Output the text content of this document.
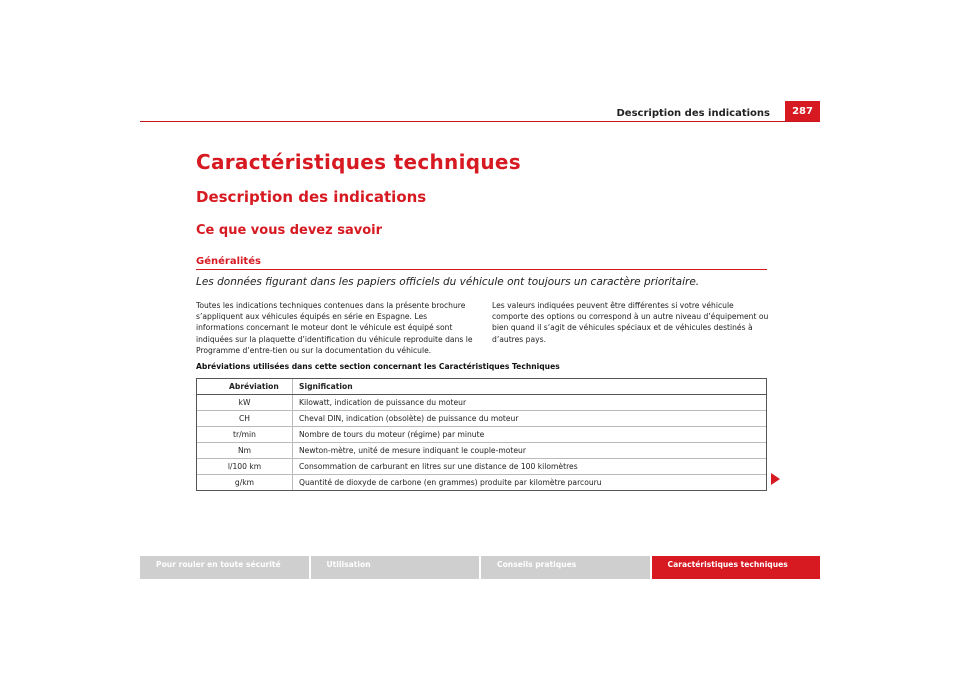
Description des indications	287
Caractéristiques techniques
Description des indications
Ce que vous devez savoir
Généralités
Les données figurant dans les papiers officiels du véhicule ont toujours un caractère prioritaire.
Toutes les indications techniques contenues dans la présente brochure s’appliquent aux véhicules équipés en série en Espagne. Les informations concernant le moteur dont le véhicule est équipé sont indiquées sur la plaquette d’identification du véhicule reproduite dans le Programme d’entre-tien ou sur la documentation du véhicule.
Les valeurs indiquées peuvent être différentes si votre véhicule comporte des options ou correspond à un autre niveau d’équipement ou bien quand il s’agit de véhicules spéciaux et de véhicules destinés à d’autres pays.
Abréviations utilisées dans cette section concernant les Caractéristiques Techniques
Abréviation	Signification
kW	Kilowatt, indication de puissance du moteur
CH	Cheval DIN, indication (obsolète) de puissance du moteur
tr/min	Nombre de tours du moteur (régime) par minute
Nm	Newton-mètre, unité de mesure indiquant le couple-moteur
l/100 km	Consommation de carburant en litres sur une distance de 100 kilomètres
g/km	Quantité de dioxyde de carbone (en grammes) produite par kilomètre parcouru
Pour rouler en toute sécurité	Utilisation	Conseils pratiques	Caractéristiques techniques
